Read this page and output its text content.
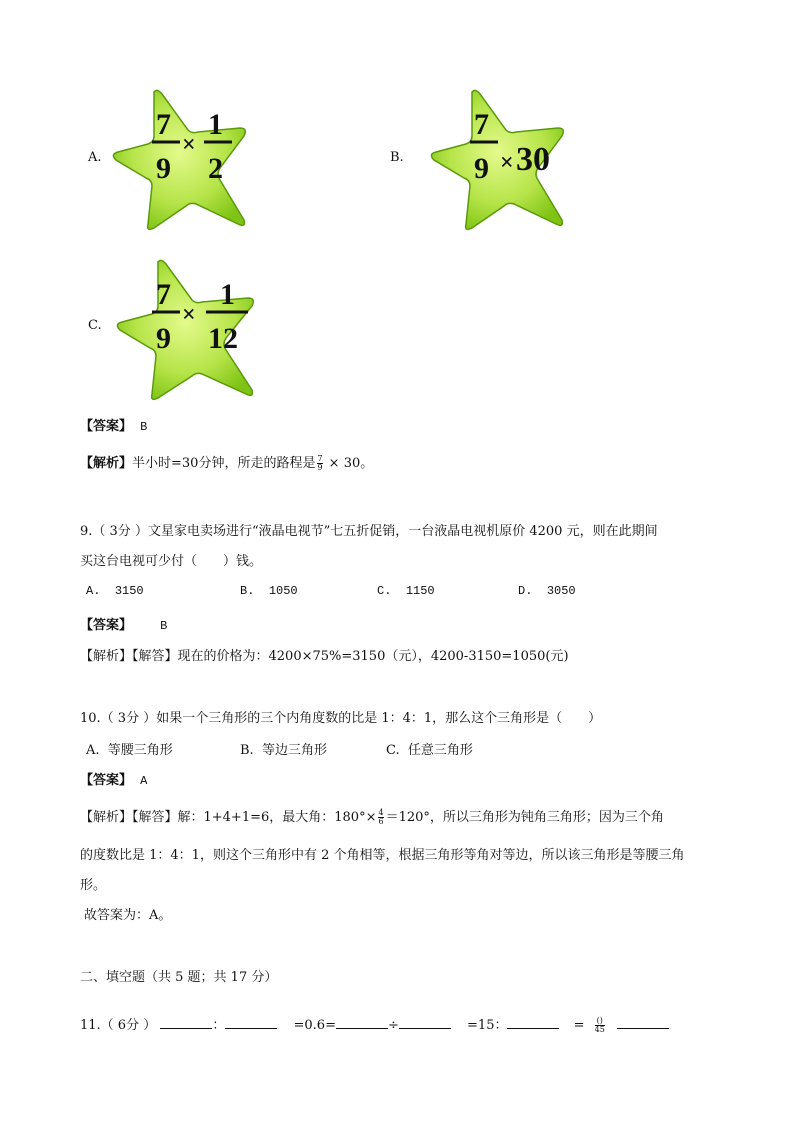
A.
7
9
×
1
2	B.
7
9 × 30
C.
7
9
×
1
12
【答案】 B
【解析】半小时=30分钟，所走的路程是 $\frac{7}{9} \times 30$。
9.（ 3分 ）文星家电卖场进行“液晶电视节”七五折促销，一台液晶电视机原价 4200 元，则在此期间
买这台电视可少付（　　）钱。
A. 3150	B. 1050	C. 1150	D. 3050
【答案】 B
【解析】【解答】现在的价格为：4200×75%=3150（元），4200-3150=1050(元)
10.（ 3分 ）如果一个三角形的三个内角度数的比是 1：4：1，那么这个三角形是（　　）
A. 等腰三角形	B. 等边三角形	C. 任意三角形
【答案】 A
【解析】【解答】解：1+4+1=6，最大角：$180^\circ\times \frac{4}{6} =120^\circ$，所以三角形为钝角三角形；因为三个角
的度数比是 1：4：1，则这个三角形中有 2 个角相等，根据三角形等角对等边，所以该三角形是等腰三角
形。
故答案为：A。
二、填空题（共 5 题；共 17 分）
11.（ 6分 ）	：	=0.6=	÷	=15：	= $\frac{()}{45}$
